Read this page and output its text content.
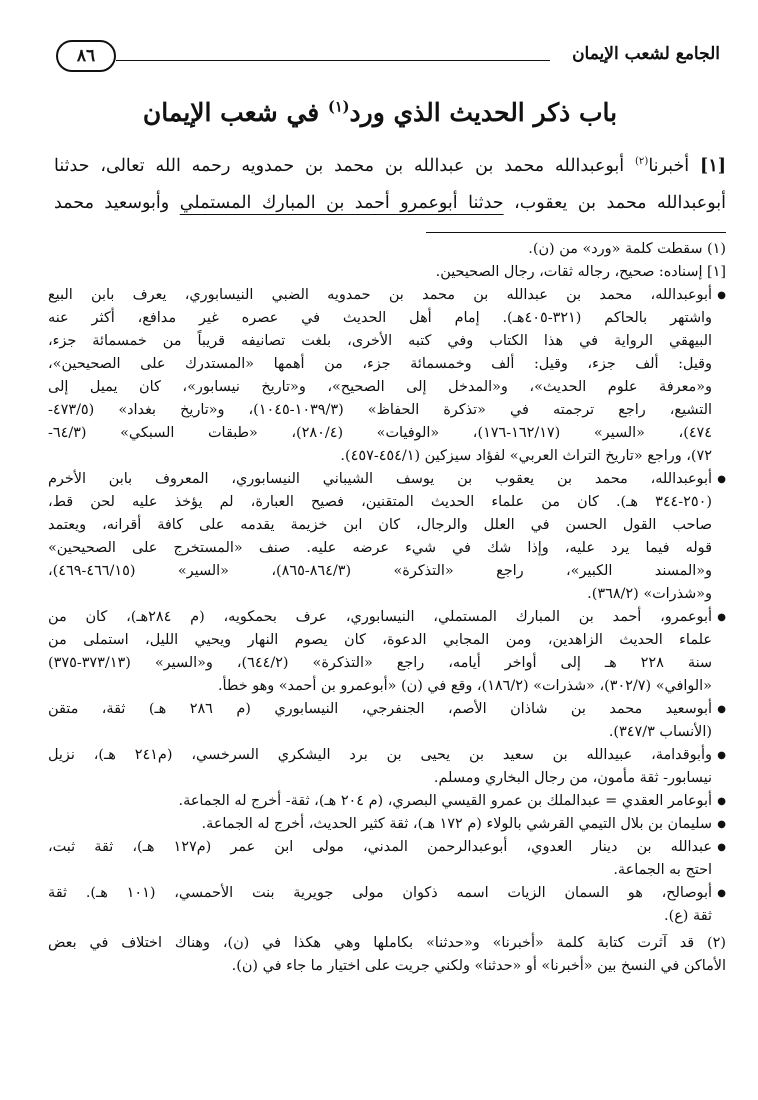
الجامع لشعب الإيمان
٨٦
باب ذكر الحديث الذي ورد$^{(١)}$ في شعب الإيمان
[١] أخبرنا$^{(٢)}$ أبوعبدالله محمد بن عبدالله بن محمد بن حمدويه رحمه الله تعالى، حدثنا
أبوعبدالله محمد بن يعقوب، حدثنا أبوعمرو أحمد بن المبارك المستملي وأبوسعيد محمد
(١) سقطت كلمة «ورد» من (ن).
[١] إسناده: صحيح، رجاله ثقات، رجال الصحيحين.
● أبوعبدالله، محمد بن عبدالله بن محمد بن حمدويه الضبي النيسابوري، يعرف بابن البيع
واشتهر بالحاكم (٣٢١-٤٠٥هـ). إمام أهل الحديث في عصره غير مدافع، أكثر عنه
البيهقي الرواية في هذا الكتاب وفي كتبه الأخرى، بلغت تصانيفه قريباً من خمسمائة جزء،
وقيل: ألف جزء، وقيل: ألف وخمسمائة جزء، من أهمها «المستدرك على الصحيحين»،
و«معرفة علوم الحديث»، و«المدخل إلى الصحيح»، و«تاريخ نيسابور»، كان يميل إلى
التشيع، راجع ترجمته في «تذكرة الحفاظ» (١٠٣٩/٣-١٠٤٥)، و«تاريخ بغداد» (٤٧٣/٥-
٤٧٤)، «السير» (١٦٢/١٧-١٧٦)، «الوفيات» (٢٨٠/٤)، «طبقات السبكي» (٦٤/٣-
٧٢)، وراجع «تاريخ التراث العربي» لفؤاد سيزكين (٤٥٤/١-٤٥٧).
● أبوعبدالله، محمد بن يعقوب بن يوسف الشيباني النيسابوري، المعروف بابن الأخرم
(٢٥٠-٣٤٤ هـ). كان من علماء الحديث المتقنين، فصيح العبارة، لم يؤخذ عليه لحن قط،
صاحب القول الحسن في العلل والرجال، كان ابن خزيمة يقدمه على كافة أقرانه، ويعتمد
قوله فيما يرد عليه، وإذا شك في شيء عرضه عليه. صنف «المستخرج على الصحيحين»
و«المسند الكبير»، راجع «التذكرة» (٨٦٤/٣-٨٦٥)، «السير» (٤٦٦/١٥-٤٦٩)،
و«شذرات» (٣٦٨/٢).
● أبوعمرو، أحمد بن المبارك المستملي، النيسابوري، عرف بحمكويه، (م ٢٨٤هـ)، كان من
علماء الحديث الزاهدين، ومن المجابي الدعوة، كان يصوم النهار ويحيي الليل، استملى من
سنة ٢٢٨ هـ إلى أواخر أيامه، راجع «التذكرة» (٦٤٤/٢)، و«السير» (٣٧٣/١٣-٣٧٥)
«الوافي» (٣٠٢/٧)، «شذرات» (١٨٦/٢)، وقع في (ن) «أبوعمرو بن أحمد» وهو خطأ.
● أبوسعيد محمد بن شاذان الأصم، الجنفرجي، النيسابوري (م ٢٨٦ هـ) ثقة، متقن
(الأنساب ٣٤٧/٣).
● وأبوقدامة، عبيدالله بن سعيد بن يحيى بن برد اليشكري السرخسي، (م٢٤١ هـ)، نزيل
نيسابور- ثقة مأمون، من رجال البخاري ومسلم.
● أبوعامر العقدي = عبدالملك بن عمرو القيسي البصري، (م ٢٠٤ هـ)، ثقة- أخرج له الجماعة.
● سليمان بن بلال التيمي القرشي بالولاء (م ١٧٢ هـ)، ثقة كثير الحديث، أخرج له الجماعة.
● عبدالله بن دينار العدوي، أبوعبدالرحمن المدني، مولى ابن عمر (م١٢٧ هـ)، ثقة ثبت،
احتج به الجماعة.
● أبوصالح، هو السمان الزيات اسمه ذكوان مولى جويرية بنت الأحمسي، (١٠١ هـ). ثقة
ثقة (ع).
(٢) قد آثرت كتابة كلمة «أخبرنا» و«حدثنا» بكاملها وهي هكذا في (ن)، وهناك اختلاف في بعض
الأماكن في النسخ بين «أخبرنا» أو «حدثنا» ولكني جريت على اختيار ما جاء في (ن).
